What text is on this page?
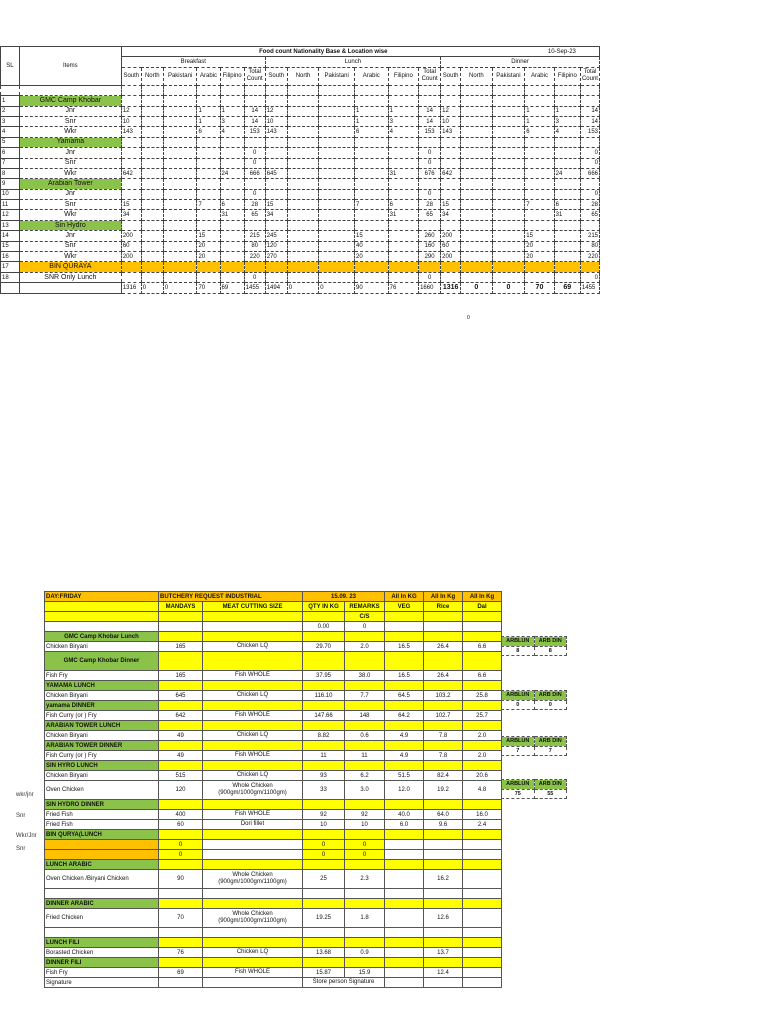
SL	Items	Food count Nationality Base & Location wise															10-Sep-23		
		Breakfast						Lunch						Dinner					
		South	North	Pakistani	Arabic	Filipino	Total Count	South	North	Pakistani	Arabic	Filipino	Total Count	South	North	Pakistani	Arabic	Filipino	Total Count

1	GMC Camp Khobar																		
2	Jnr	12			1	1	14	12			1	1	14	12			1	1	14
3	Snr	10			1	3	14	10			1	3	14	10			1	3	14
4	Wkr	143			6	4	153	143			6	4	153	143			6	4	153
5	Yamama																		
6	Jnr						0						0						0
7	Snr						0						0						0
8	Wkr	642				24	666	645				31	676	642				24	666
9	Arabian Tower																		
10	Jnr						0						0						0
11	Snr	15			7	6	28	15			7	6	28	15			7	6	28
12	Wkr	34				31	65	34				31	65	34				31	65
13	Sin Hydro																		
14	Jnr	200			15		215	245			15		260	200			15		215
15	Snr	60			20		80	120			40		160	60			20		80
16	Wkr	200			20		220	270			20		290	200			20		220
17	BIN QURAYA																		
18	SNR Only Lunch						0						0						0
		1316	0	0	70	69	1455	1494	0	0	90	76	1660	1316	0	0	70	69	1455
DAY:FRIDAY	BUTCHERY REQUEST INDUSTRIAL		15.09. 23		All In KG	All In Kg	All In Kg
	MANDAYS	MEAT CUTTING SIZE	QTY IN KG	REMARKS	VEG	Rice	Dal
				C/S			
			0.00	0			
GMC Camp Khobar Lunch							
Chicken Biryani	165	Chicken LQ	29.70	2.0	16.5	26.4	6.6
GMC Camp Khobar Dinner							
Fish Fry	165	Fish WHOLE	37.95	38.0	16.5	26.4	6.6
YAMAMA LUNCH							
Chicken Biryani	645	Chicken LQ	116.10	7.7	64.5	103.2	25.8
yamama DINNER							
Fish Curry (or ) Fry	642	Fish WHOLE	147.66	148	64.2	102.7	25.7
ARABIAN TOWER LUNCH							
Chicken Biryani	49	Chicken LQ	8.82	0.6	4.9	7.8	2.0
ARABIAN TOWER DINNER							
Fish Curry (or ) Fry	49	Fish WHOLE	11	11	4.9	7.8	2.0
SIN HYRO LUNCH							
Chicken Biryani	515	Chicken LQ	93	6.2	51.5	82.4	20.6
Oven Chicken	120	Whole Chicken (900gm/1000gm/1100gm)	33	3.0	12.0	19.2	4.8
SIN HYDRO DINNER							
Fried Fish	400	Fish WHOLE	92	92	40.0	64.0	16.0
Fried Fish	60	Dori fillet	10	10	6.0	9.6	2.4
BIN QURYA(LUNCH							
	0		0	0			
	0		0	0			
LUNCH ARABIC							
Oven Chicken /Biryani Chicken	90	Whole Chicken (900gm/1000gm/1100gm)	25	2.3		16.2	

DINNER ARABIC							
Fried Chicken	70	Whole Chicken (900gm/1000gm/1100gm)	19.25	1.8		12.6	

LUNCH FILI							
Borasted Chicken	76	Chicken LQ	13.68	0.9		13.7	
DINNER FILI							
Fish Fry	69	Fish WHOLE	15.87	15.9		12.4	
Signature			Store person Signature				
wkr/jnr
Snr
Wkr/Jnr
Snr
ARBLUN	ARB DIN
8	8
ARBLUN	ARB DIN
0	0
ARBLUN	ARB DIN
7	7
ARBLUN	ARB DIN
75	55
0
